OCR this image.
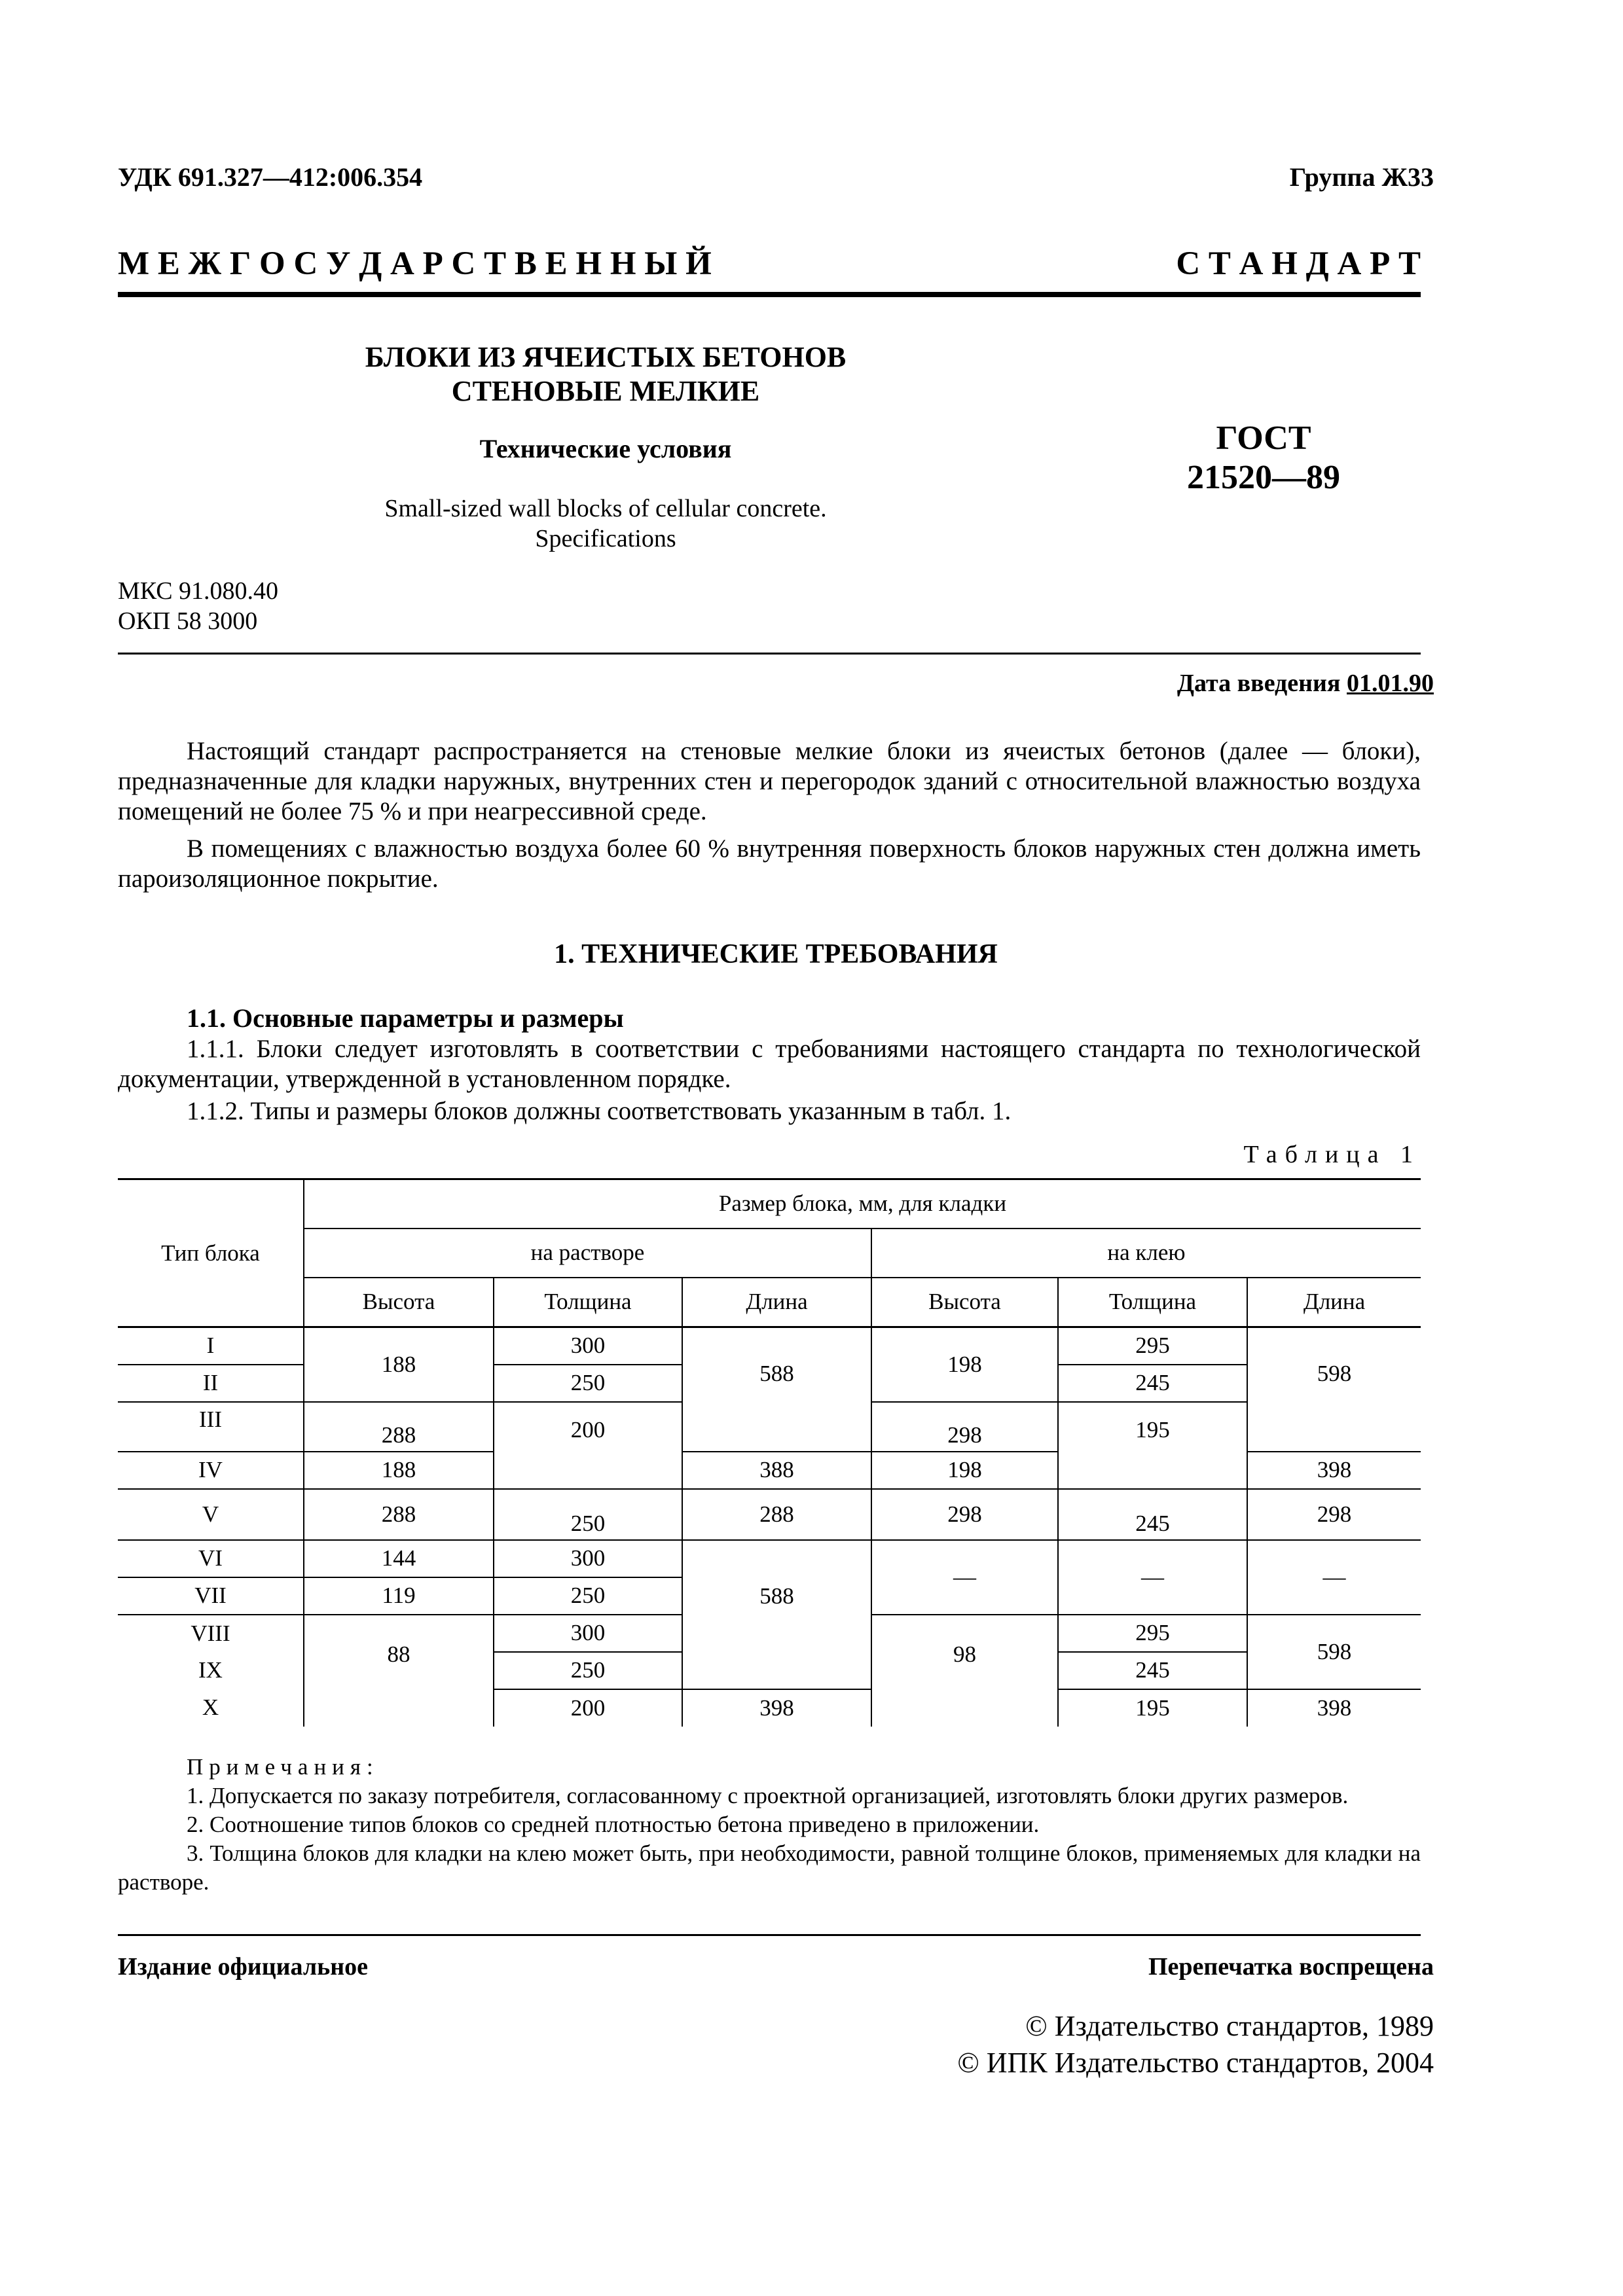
УДК 691.327—412:006.354	Группа Ж33
М Е Ж Г О С У Д А Р С Т В Е Н Н Ы Й	С Т А Н Д А Р Т
БЛОКИ ИЗ ЯЧЕИСТЫХ БЕТОНОВ
СТЕНОВЫЕ МЕЛКИЕ
Технические условия
Small-sized wall blocks of cellular concrete.
Specifications
ГОСТ
21520—89
МКС 91.080.40
ОКП 58 3000
Дата введения 01.01.90
Настоящий стандарт распространяется на стеновые мелкие блоки из ячеистых бетонов (далее — блоки), предназначенные для кладки наружных, внутренних стен и перегородок зданий с относительной влажностью воздуха помещений не более 75 % и при неагрессивной среде.
В помещениях с влажностью воздуха более 60 % внутренняя поверхность блоков наружных стен должна иметь пароизоляционное покрытие.
1. ТЕХНИЧЕСКИЕ ТРЕБОВАНИЯ
1.1. Основные параметры и размеры
1.1.1. Блоки следует изготовлять в соответствии с требованиями настоящего стандарта по технологической документации, утвержденной в установленном порядке.
1.1.2. Типы и размеры блоков должны соответствовать указанным в табл. 1.
Таблица 1
Тип блока	Размер блока, мм, для кладки					
	на растворе			на клею		
	Высота	Толщина	Длина	Высота	Толщина	Длина
I	188	300	588	198	295	598
II		250			245	
III	288	200		298	195	
IV	188		388	198		398
V	288	250	288	298	245	298
VI	144	300	588	—	—	—
VII	119	250				
VIII	88	300		98	295	598
IX		250			245	
X		200	398		195	398
Примечания:
1. Допускается по заказу потребителя, согласованному с проектной организацией, изготовлять блоки других размеров.
2. Соотношение типов блоков со средней плотностью бетона приведено в приложении.
3. Толщина блоков для кладки на клею может быть, при необходимости, равной толщине блоков, применяемых для кладки на растворе.
Издание официальное	Перепечатка воспрещена
© Издательство стандартов, 1989
© ИПК Издательство стандартов, 2004
